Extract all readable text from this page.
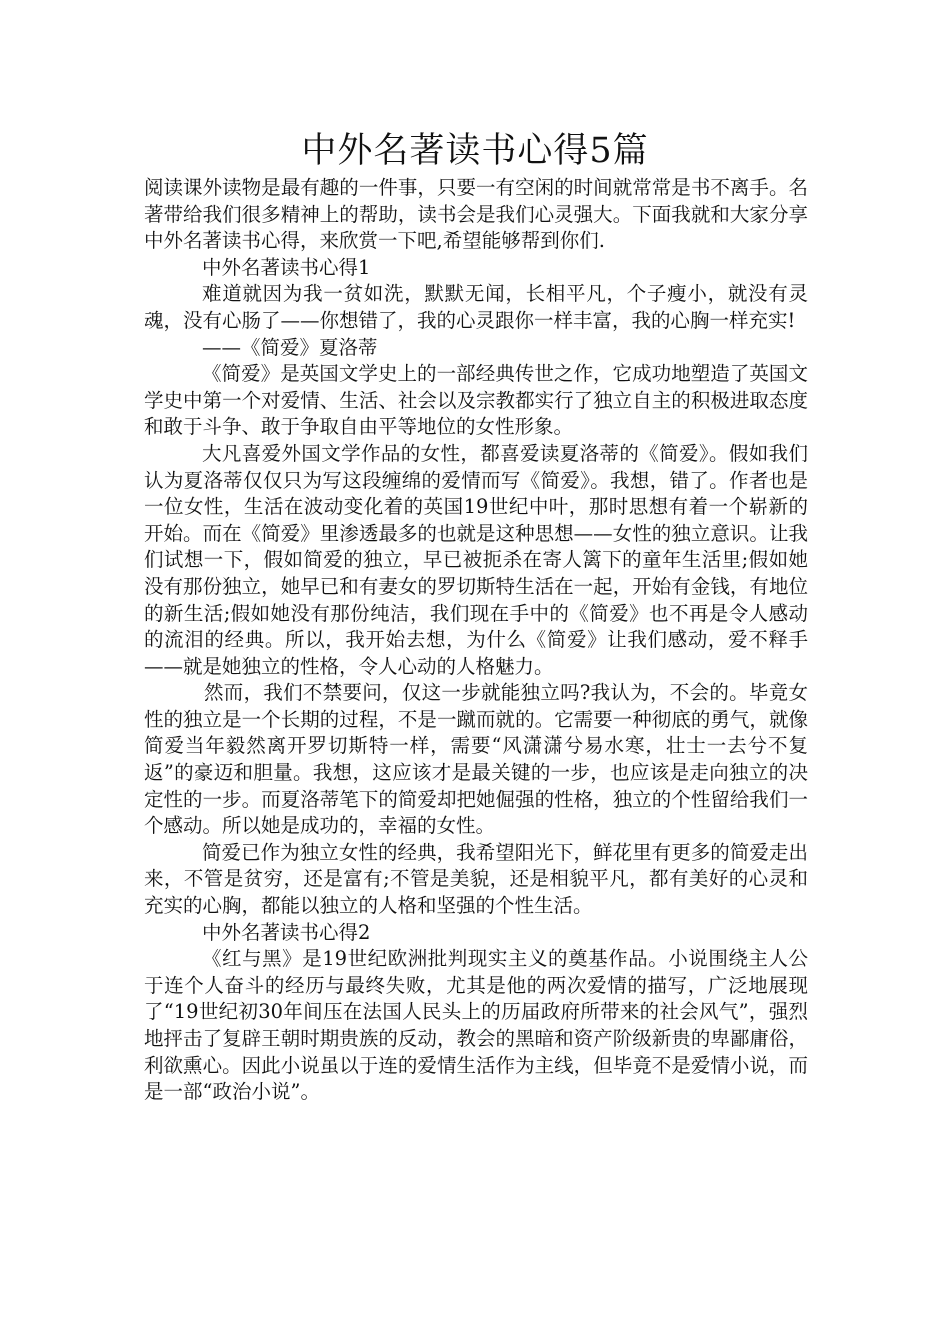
中外名著读书心得5篇

阅读课外读物是最有趣的一件事，只要一有空闲的时间就常常是书不离手。名著带给我们很多精神上的帮助，读书会是我们心灵强大。下面我就和大家分享中外名著读书心得，来欣赏一下吧,希望能够帮到你们.

中外名著读书心得1

难道就因为我一贫如洗，默默无闻，长相平凡，个子瘦小，就没有灵魂，没有心肠了——你想错了，我的心灵跟你一样丰富，我的心胸一样充实!

——《简爱》夏洛蒂

《简爱》是英国文学史上的一部经典传世之作，它成功地塑造了英国文学史中第一个对爱情、生活、社会以及宗教都实行了独立自主的积极进取态度和敢于斗争、敢于争取自由平等地位的女性形象。

大凡喜爱外国文学作品的女性，都喜爱读夏洛蒂的《简爱》。假如我们认为夏洛蒂仅仅只为写这段缠绵的爱情而写《简爱》。我想，错了。作者也是一位女性，生活在波动变化着的英国19世纪中叶，那时思想有着一个崭新的开始。而在《简爱》里渗透最多的也就是这种思想——女性的独立意识。让我们试想一下，假如简爱的独立，早已被扼杀在寄人篱下的童年生活里;假如她没有那份独立，她早已和有妻女的罗切斯特生活在一起，开始有金钱，有地位的新生活;假如她没有那份纯洁，我们现在手中的《简爱》也不再是令人感动的流泪的经典。所以，我开始去想，为什么《简爱》让我们感动，爱不释手——就是她独立的性格，令人心动的人格魅力。

然而，我们不禁要问，仅这一步就能独立吗?我认为，不会的。毕竟女性的独立是一个长期的过程，不是一蹴而就的。它需要一种彻底的勇气，就像简爱当年毅然离开罗切斯特一样，需要“风潇潇兮易水寒，壮士一去兮不复返”的豪迈和胆量。我想，这应该才是最关键的一步，也应该是走向独立的决定性的一步。而夏洛蒂笔下的简爱却把她倔强的性格，独立的个性留给我们一个感动。所以她是成功的，幸福的女性。

简爱已作为独立女性的经典，我希望阳光下，鲜花里有更多的简爱走出来，不管是贫穷，还是富有;不管是美貌，还是相貌平凡，都有美好的心灵和充实的心胸，都能以独立的人格和坚强的个性生活。

中外名著读书心得2

《红与黑》是19世纪欧洲批判现实主义的奠基作品。小说围绕主人公于连个人奋斗的经历与最终失败，尤其是他的两次爱情的描写，广泛地展现了“19世纪初30年间压在法国人民头上的历届政府所带来的社会风气”，强烈地抨击了复辟王朝时期贵族的反动，教会的黑暗和资产阶级新贵的卑鄙庸俗，利欲熏心。因此小说虽以于连的爱情生活作为主线，但毕竟不是爱情小说，而是一部“政治小说”。
